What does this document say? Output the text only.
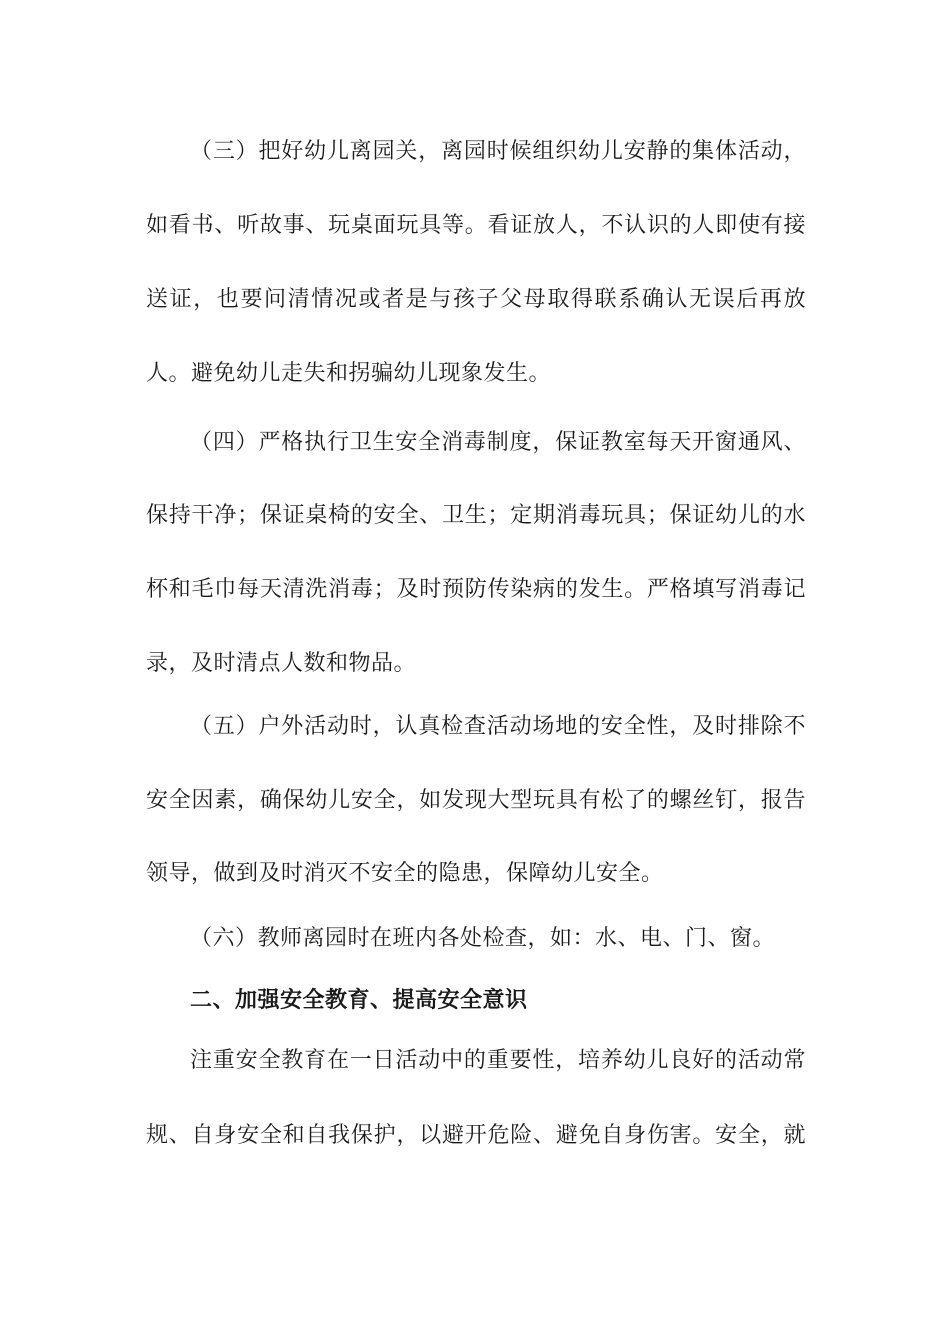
（三）把好幼儿离园关，离园时候组织幼儿安静的集体活动，
如看书、听故事、玩桌面玩具等。看证放人，不认识的人即使有接
送证，也要问清情况或者是与孩子父母取得联系确认无误后再放
人。避免幼儿走失和拐骗幼儿现象发生。
（四）严格执行卫生安全消毒制度，保证教室每天开窗通风、
保持干净；保证桌椅的安全、卫生；定期消毒玩具；保证幼儿的水
杯和毛巾每天清洗消毒；及时预防传染病的发生。严格填写消毒记
录，及时清点人数和物品。
（五）户外活动时，认真检查活动场地的安全性，及时排除不
安全因素，确保幼儿安全，如发现大型玩具有松了的螺丝钉，报告
领导，做到及时消灭不安全的隐患，保障幼儿安全。
（六）教师离园时在班内各处检查，如：水、电、门、窗。
二、加强安全教育、提高安全意识
注重安全教育在一日活动中的重要性，培养幼儿良好的活动常
规、自身安全和自我保护，以避开危险、避免自身伤害。安全，就
